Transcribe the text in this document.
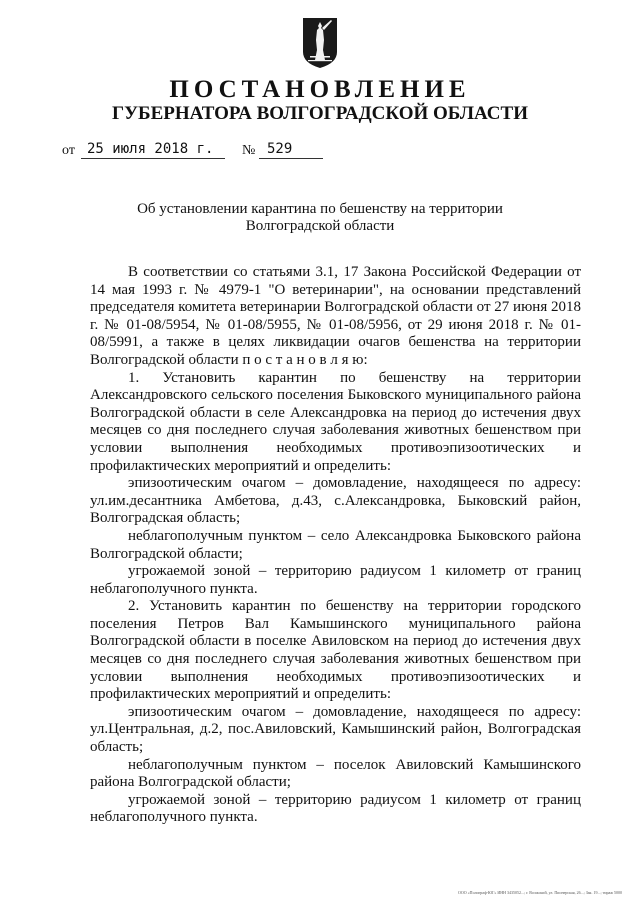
ПОСТАНОВЛЕНИЕ
ГУБЕРНАТОРА ВОЛГОГРАДСКОЙ ОБЛАСТИ
от 25 июля 2018 г.	№ 529
Об установлении карантина по бешенству на территории Волгоградской области

В соответствии со статьями 3.1, 17 Закона Российской Федерации от 14 мая 1993 г. № 4979-1 "О ветеринарии", на основании представлений председателя комитета ветеринарии Волгоградской области от 27 июня 2018 г. № 01-08/5954, № 01-08/5955, № 01-08/5956, от 29 июня 2018 г. № 01-08/5991, а также в целях ликвидации очагов бешенства на территории Волгоградской области п о с т а н о в л я ю:

1. Установить карантин по бешенству на территории Александровского сельского поселения Быковского муниципального района Волгоградской области в селе Александровка на период до истечения двух месяцев со дня последнего случая заболевания животных бешенством при условии выполнения необходимых противоэпизоотических и профилактических мероприятий и определить:

эпизоотическим очагом – домовладение, находящееся по адресу: ул.им.десантника Амбетова, д.43, с.Александровка, Быковский район, Волгоградская область;

неблагополучным пунктом – село Александровка Быковского района Волгоградской области;

угрожаемой зоной – территорию радиусом 1 километр от границ неблагополучного пункта.

2. Установить карантин по бешенству на территории городского поселения Петров Вал Камышинского муниципального района Волгоградской области в поселке Авиловском на период до истечения двух месяцев со дня последнего случая заболевания животных бешенством при условии выполнения необходимых противоэпизоотических и профилактических мероприятий и определить:

эпизоотическим очагом – домовладение, находящееся по адресу: ул.Центральная, д.2, пос.Авиловский, Камышинский район, Волгоградская область;

неблагополучным пунктом – поселок Авиловский Камышинского района Волгоградской области;

угрожаемой зоной – территорию радиусом 1 километр от границ неблагополучного пункта.

ООО «Полиграф-ЮГ» ИНН 3435052...; г. Волжский, ул. Пионерская, 26...; Зак. 19...; тираж 5000
